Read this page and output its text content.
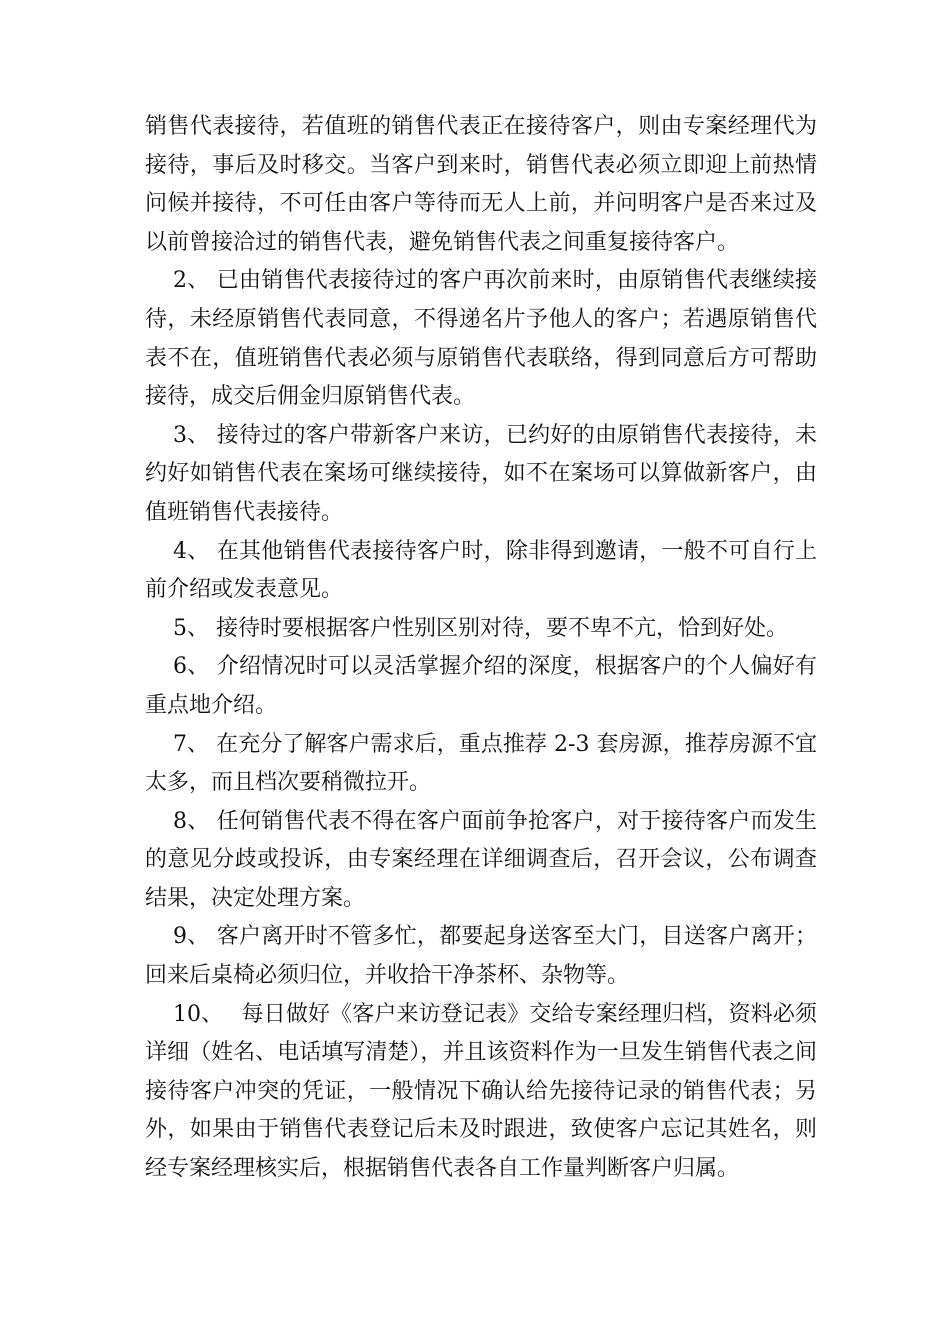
销售代表接待，若值班的销售代表正在接待客户，则由专案经理代为接待，事后及时移交。当客户到来时，销售代表必须立即迎上前热情问候并接待，不可任由客户等待而无人上前，并问明客户是否来过及以前曾接洽过的销售代表，避免销售代表之间重复接待客户。

2、 已由销售代表接待过的客户再次前来时，由原销售代表继续接待，未经原销售代表同意，不得递名片予他人的客户；若遇原销售代表不在，值班销售代表必须与原销售代表联络，得到同意后方可帮助接待，成交后佣金归原销售代表。

3、 接待过的客户带新客户来访，已约好的由原销售代表接待，未约好如销售代表在案场可继续接待，如不在案场可以算做新客户，由值班销售代表接待。

4、 在其他销售代表接待客户时，除非得到邀请，一般不可自行上前介绍或发表意见。

5、 接待时要根据客户性别区别对待，要不卑不亢，恰到好处。

6、 介绍情况时可以灵活掌握介绍的深度，根据客户的个人偏好有重点地介绍。

7、 在充分了解客户需求后，重点推荐 2-3 套房源，推荐房源不宜太多，而且档次要稍微拉开。

8、 任何销售代表不得在客户面前争抢客户，对于接待客户而发生的意见分歧或投诉，由专案经理在详细调查后，召开会议，公布调查结果，决定处理方案。

9、 客户离开时不管多忙，都要起身送客至大门，目送客户离开；回来后桌椅必须归位，并收拾干净茶杯、杂物等。

10、　 每日做好《客户来访登记表》交给专案经理归档，资料必须详细（姓名、电话填写清楚），并且该资料作为一旦发生销售代表之间接待客户冲突的凭证，一般情况下确认给先接待记录的销售代表；另外，如果由于销售代表登记后未及时跟进，致使客户忘记其姓名，则经专案经理核实后，根据销售代表各自工作量判断客户归属。
